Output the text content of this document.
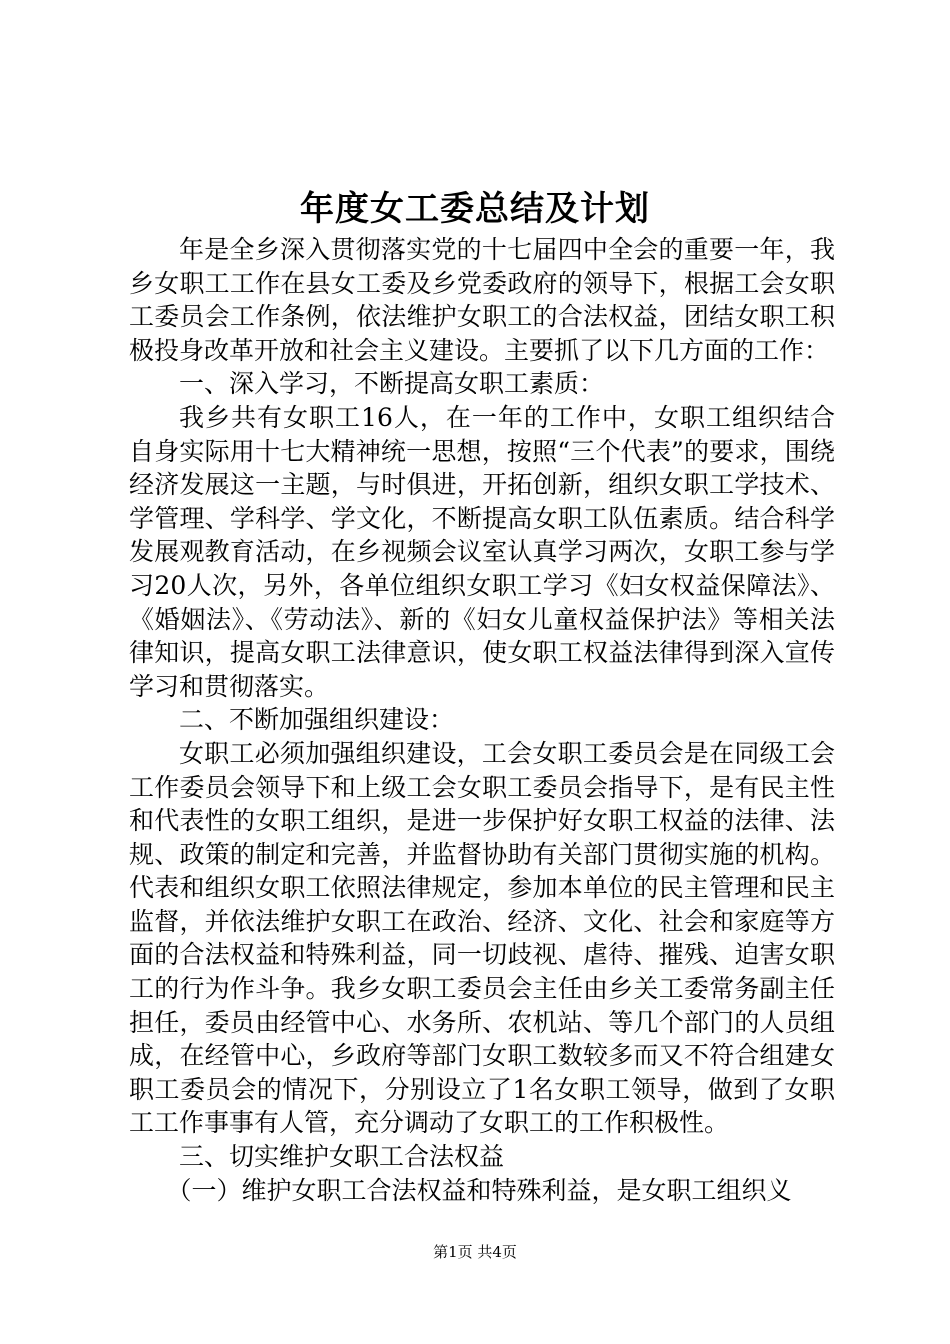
年度女工委总结及计划

年是全乡深入贯彻落实党的十七届四中全会的重要一年，我乡女职工工作在县女工委及乡党委政府的领导下，根据工会女职工委员会工作条例，依法维护女职工的合法权益，团结女职工积极投身改革开放和社会主义建设。主要抓了以下几方面的工作：

一、深入学习，不断提高女职工素质：

我乡共有女职工16人，在一年的工作中，女职工组织结合自身实际用十七大精神统一思想，按照“三个代表”的要求，围绕经济发展这一主题，与时俱进，开拓创新，组织女职工学技术、学管理、学科学、学文化，不断提高女职工队伍素质。结合科学发展观教育活动，在乡视频会议室认真学习两次，女职工参与学习20人次，另外，各单位组织女职工学习《妇女权益保障法》、《婚姻法》、《劳动法》、新的《妇女儿童权益保护法》等相关法律知识，提高女职工法律意识，使女职工权益法律得到深入宣传学习和贯彻落实。

二、不断加强组织建设：

女职工必须加强组织建设，工会女职工委员会是在同级工会工作委员会领导下和上级工会女职工委员会指导下，是有民主性和代表性的女职工组织，是进一步保护好女职工权益的法律、法规、政策的制定和完善，并监督协助有关部门贯彻实施的机构。代表和组织女职工依照法律规定，参加本单位的民主管理和民主监督，并依法维护女职工在政治、经济、文化、社会和家庭等方面的合法权益和特殊利益，同一切歧视、虐待、摧残、迫害女职工的行为作斗争。我乡女职工委员会主任由乡关工委常务副主任担任，委员由经管中心、水务所、农机站、等几个部门的人员组成，在经管中心，乡政府等部门女职工数较多而又不符合组建女职工委员会的情况下，分别设立了1名女职工领导，做到了女职工工作事事有人管，充分调动了女职工的工作积极性。

三、切实维护女职工合法权益

（一）维护女职工合法权益和特殊利益，是女职工组织义

第1页 共4页
